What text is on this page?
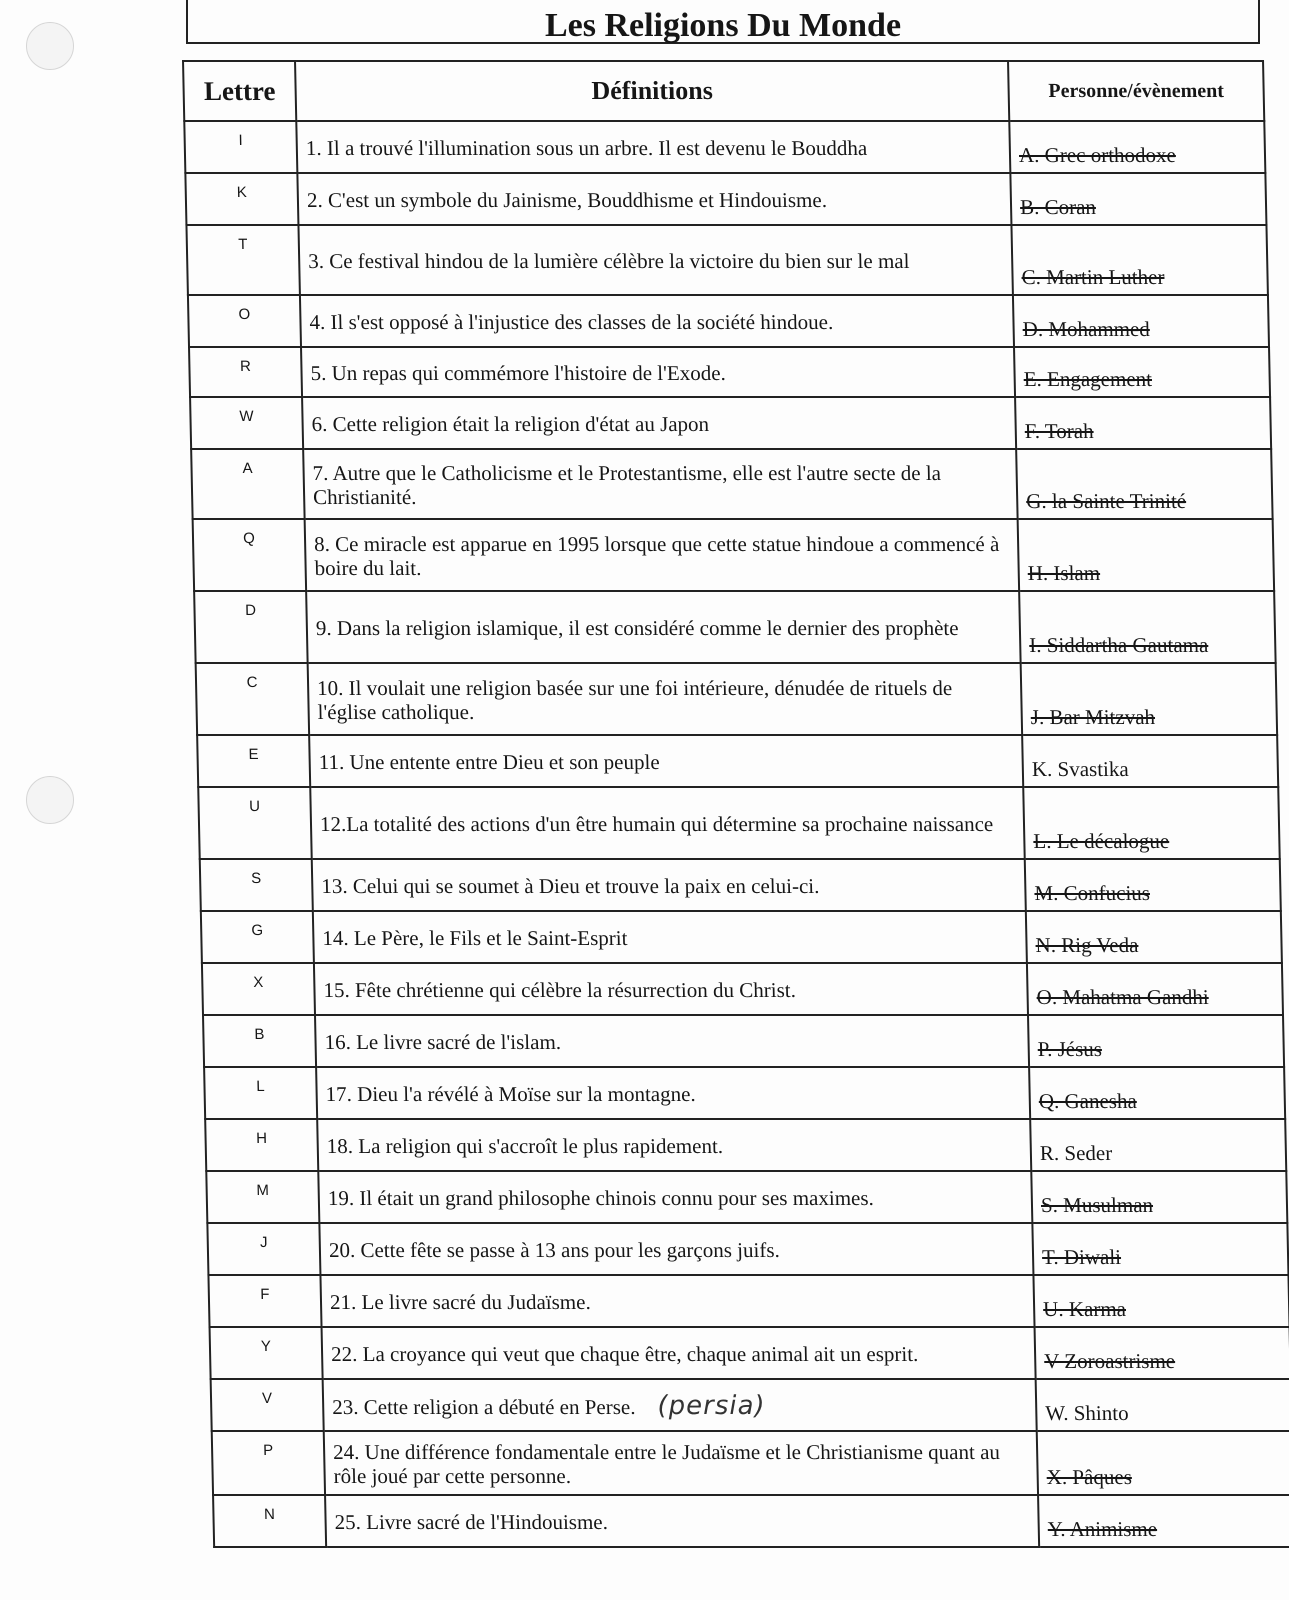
Les Religions Du Monde
Lettre	Définitions	Personne/évènement
I	1. Il a trouvé l'illumination sous un arbre. Il est devenu le Bouddha	A. Grec orthodoxe
K	2. C'est un symbole du Jainisme, Bouddhisme et Hindouisme.	B. Coran
T	3. Ce festival hindou de la lumière célèbre la victoire du bien sur le mal	C. Martin Luther
O	4. Il s'est opposé à l'injustice des classes de la société hindoue.	D. Mohammed
R	5. Un repas qui commémore l'histoire de l'Exode.	E. Engagement
W	6. Cette religion était la religion d'état au Japon	F. Torah
A	7. Autre que le Catholicisme et le Protestantisme, elle est l'autre secte de la Christianité.	G. la Sainte Trinité
Q	8. Ce miracle est apparue en 1995 lorsque que cette statue hindoue a commencé à boire du lait.	H. Islam
D	9. Dans la religion islamique, il est considéré comme le dernier des prophète	I. Siddartha Gautama
C	10. Il voulait une religion basée sur une foi intérieure, dénudée de rituels de l'église catholique.	J. Bar Mitzvah
E	11. Une entente entre Dieu et son peuple	K. Svastika
U	12.La totalité des actions d'un être humain qui détermine sa prochaine naissance	L. Le décalogue
S	13. Celui qui se soumet à Dieu et trouve la paix en celui-ci.	M. Confucius
G	14. Le Père, le Fils et le Saint-Esprit	N. Rig Veda
X	15. Fête chrétienne qui célèbre la résurrection du Christ.	O. Mahatma Gandhi
B	16. Le livre sacré de l'islam.	P. Jésus
L	17. Dieu l'a révélé à Moïse sur la montagne.	Q. Ganesha
H	18. La religion qui s'accroît le plus rapidement.	R. Seder
M	19. Il était un grand philosophe chinois connu pour ses maximes.	S. Musulman
J	20. Cette fête se passe à 13 ans pour les garçons juifs.	T. Diwali
F	21. Le livre sacré du Judaïsme.	U. Karma
Y	22. La croyance qui veut que chaque être, chaque animal ait un esprit.	V Zoroastrisme
V	23. Cette religion a débuté en Perse. (persia)	W. Shinto
P	24. Une différence fondamentale entre le Judaïsme et le Christianisme quant au rôle joué par cette personne.	X. Pâques
N	25. Livre sacré de l'Hindouisme.	Y. Animisme
